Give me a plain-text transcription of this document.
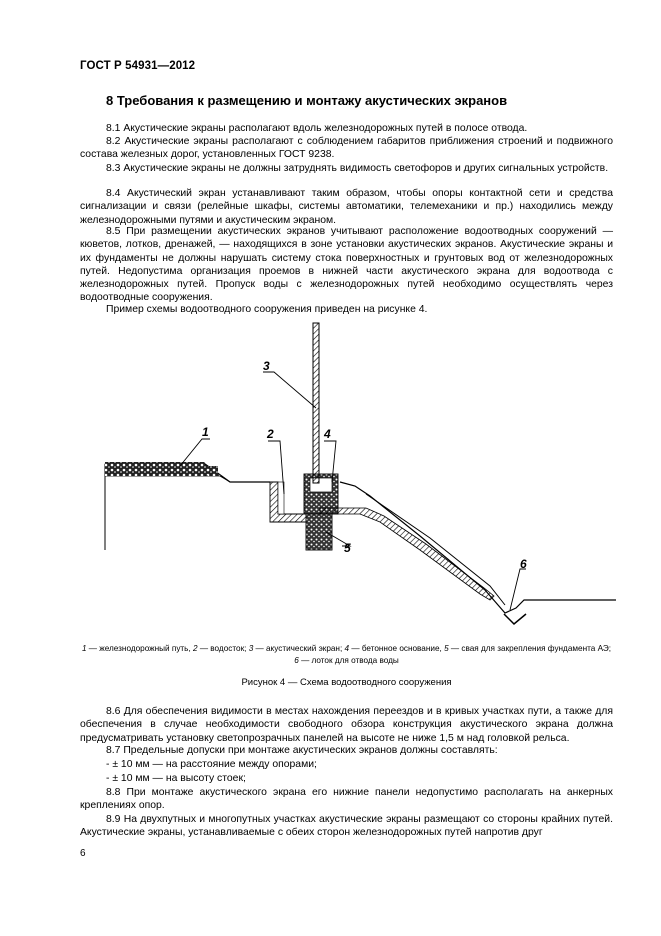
ГОСТ Р 54931—2012
8 Требования к размещению и монтажу акустических экранов
8.1 Акустические экраны располагают вдоль железнодорожных путей в полосе отвода.
8.2 Акустические экраны располагают с соблюдением габаритов приближения строений и подвижного состава железных дорог, установленных ГОСТ 9238.
8.3 Акустические экраны не должны затруднять видимость светофоров и других сигнальных устройств.
8.4 Акустический экран устанавливают таким образом, чтобы опоры контактной сети и средства сигнализации и связи (релейные шкафы, системы автоматики, телемеханики и пр.) находились между железнодорожными путями и акустическим экраном.
8.5 При размещении акустических экранов учитывают расположение водоотводных сооружений — кюветов, лотков, дренажей, — находящихся в зоне установки акустических экранов. Акустические экраны и их фундаменты не должны нарушать систему стока поверхностных и грунтовых вод от железнодорожных путей. Недопустима организация проемов в нижней части акустического экрана для водоотвода с железнодорожных путей. Пропуск воды с железнодорожных путей необходимо осуществлять через водоотводные сооружения.
Пример схемы водоотводного сооружения приведен на рисунке 4.
1	2
3
4
5
6
1 — железнодорожный путь, 2 — водосток; 3 — акустический экран; 4 — бетонное основание, 5 — свая для закрепления фундамента АЭ; 6 — лоток для отвода воды
Рисунок 4 — Схема водоотводного сооружения
8.6 Для обеспечения видимости в местах нахождения переездов и в кривых участках пути, а также для обеспечения в случае необходимости свободного обзора конструкция акустического экрана должна предусматривать установку светопрозрачных панелей на высоте не ниже 1,5 м над головкой рельса.
8.7 Предельные допуски при монтаже акустических экранов должны составлять:
- ± 10 мм — на расстояние между опорами;
- ± 10 мм — на высоту стоек;
8.8 При монтаже акустического экрана его нижние панели недопустимо располагать на анкерных креплениях опор.
8.9 На двухпутных и многопутных участках акустические экраны размещают со стороны крайних путей. Акустические экраны, устанавливаемые с обеих сторон железнодорожных путей напротив друг
6
